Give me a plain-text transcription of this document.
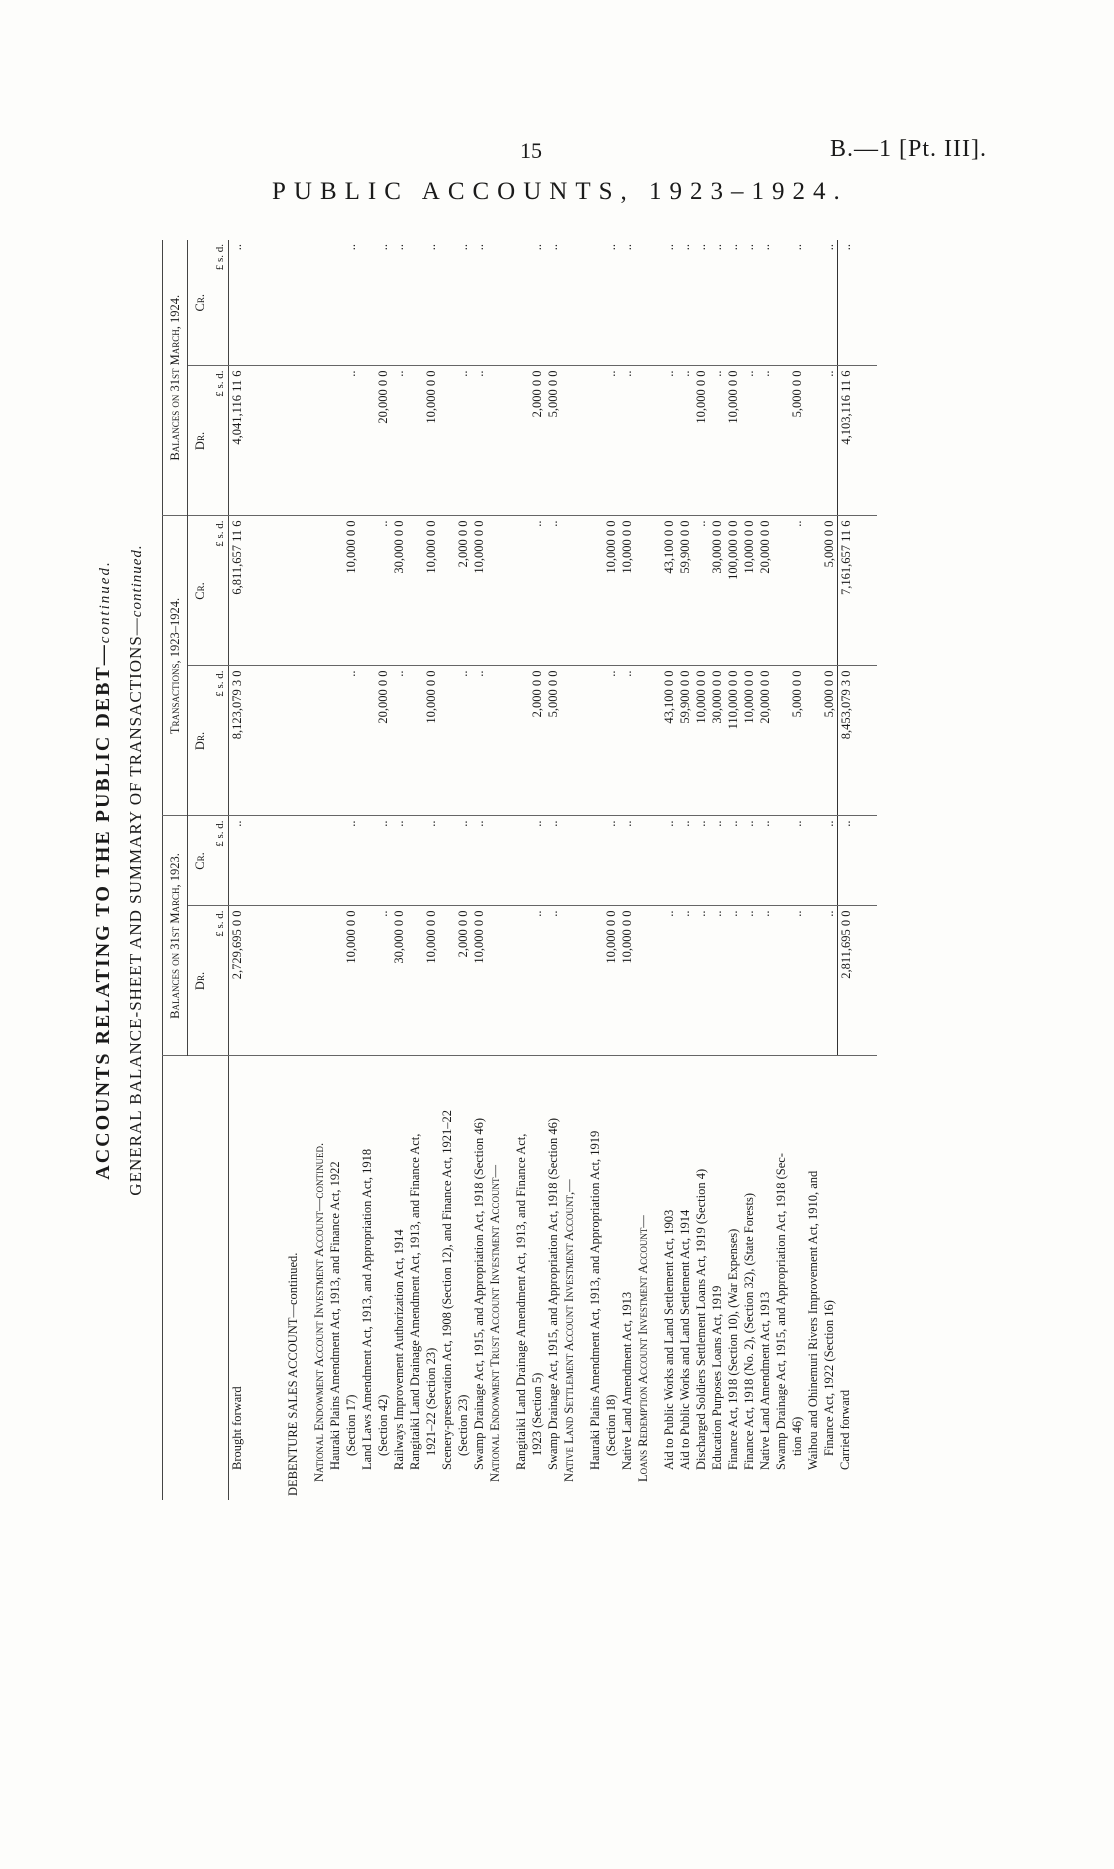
15	B.—1 [Pt. III].
PUBLIC ACCOUNTS, 1923–1924.
ACCOUNTS RELATING TO THE PUBLIC DEBT—continued.
GENERAL BALANCE-SHEET AND SUMMARY OF TRANSACTIONS—continued.
	Balances on 31st March, 1923.		Transactions, 1923–1924.		Balances on 31st March, 1924.	
	Dr.	Cr.	Dr.	Cr.	Dr.	Cr.
	£ s. d.	£ s. d.	£ s. d.	£ s. d.	£ s. d.	£ s. d.
Brought forward	2,729,695 0 0	..	8,123,079 3 0	6,811,657 11 6	4,041,116 11 6	..
DEBENTURE SALES ACCOUNT—continued.						
National Endowment Account Investment Account—continued.						
Hauraki Plains Amendment Act, 1913, and Finance Act, 1922						
(Section 17)	10,000 0 0	..	..	10,000 0 0	..	..
Land Laws Amendment Act, 1913, and Appropriation Act, 1918						
(Section 42)	..	..	20,000 0 0	..	20,000 0 0	..
Railways Improvement Authorization Act, 1914	30,000 0 0	..	..	30,000 0 0	..	..
Rangitaiki Land Drainage Amendment Act, 1913, and Finance Act,						
1921–22 (Section 23)	10,000 0 0	..	10,000 0 0	10,000 0 0	10,000 0 0	..
Scenery-preservation Act, 1908 (Section 12), and Finance Act, 1921–22						
(Section 23)	2,000 0 0	..	..	2,000 0 0	..	..
Swamp Drainage Act, 1915, and Appropriation Act, 1918 (Section 46)	10,000 0 0	..	..	10,000 0 0	..	..
National Endowment Trust Account Investment Account—						
Rangitaiki Land Drainage Amendment Act, 1913, and Finance Act,						
1923 (Section 5)	..	..	2,000 0 0	..	2,000 0 0	..
Swamp Drainage Act, 1915, and Appropriation Act, 1918 (Section 46)	..	..	5,000 0 0	..	5,000 0 0	..
Native Land Settlement Account Investment Account,—						
Hauraki Plains Amendment Act, 1913, and Appropriation Act, 1919						
(Section 18)	10,000 0 0	..	..	10,000 0 0	..	..
Native Land Amendment Act, 1913	10,000 0 0	..	..	10,000 0 0	..	..
Loans Redemption Account Investment Account—						
Aid to Public Works and Land Settlement Act, 1903	..	..	43,100 0 0	43,100 0 0	..	..
Aid to Public Works and Land Settlement Act, 1914	..	..	59,900 0 0	59,900 0 0	..	..
Discharged Soldiers Settlement Loans Act, 1919 (Section 4)	..	..	10,000 0 0	..	10,000 0 0	..
Education Purposes Loans Act, 1919	..	..	30,000 0 0	30,000 0 0	..	..
Finance Act, 1918 (Section 10), (War Expenses)	..	..	110,000 0 0	100,000 0 0	10,000 0 0	..
Finance Act, 1918 (No. 2), (Section 32), (State Forests)	..	..	10,000 0 0	10,000 0 0	..	..
Native Land Amendment Act, 1913	..	..	20,000 0 0	20,000 0 0	..	..
Swamp Drainage Act, 1915, and Appropriation Act, 1918 (Sec-						
tion 46)	..	..	5,000 0 0	..	5,000 0 0	..
Waihou and Ohinemuri Rivers Improvement Act, 1910, and						
Finance Act, 1922 (Section 16)	..	..	5,000 0 0	5,000 0 0	..	..
Carried forward	2,811,695 0 0	..	8,453,079 3 0	7,161,657 11 6	4,103,116 11 6	..
